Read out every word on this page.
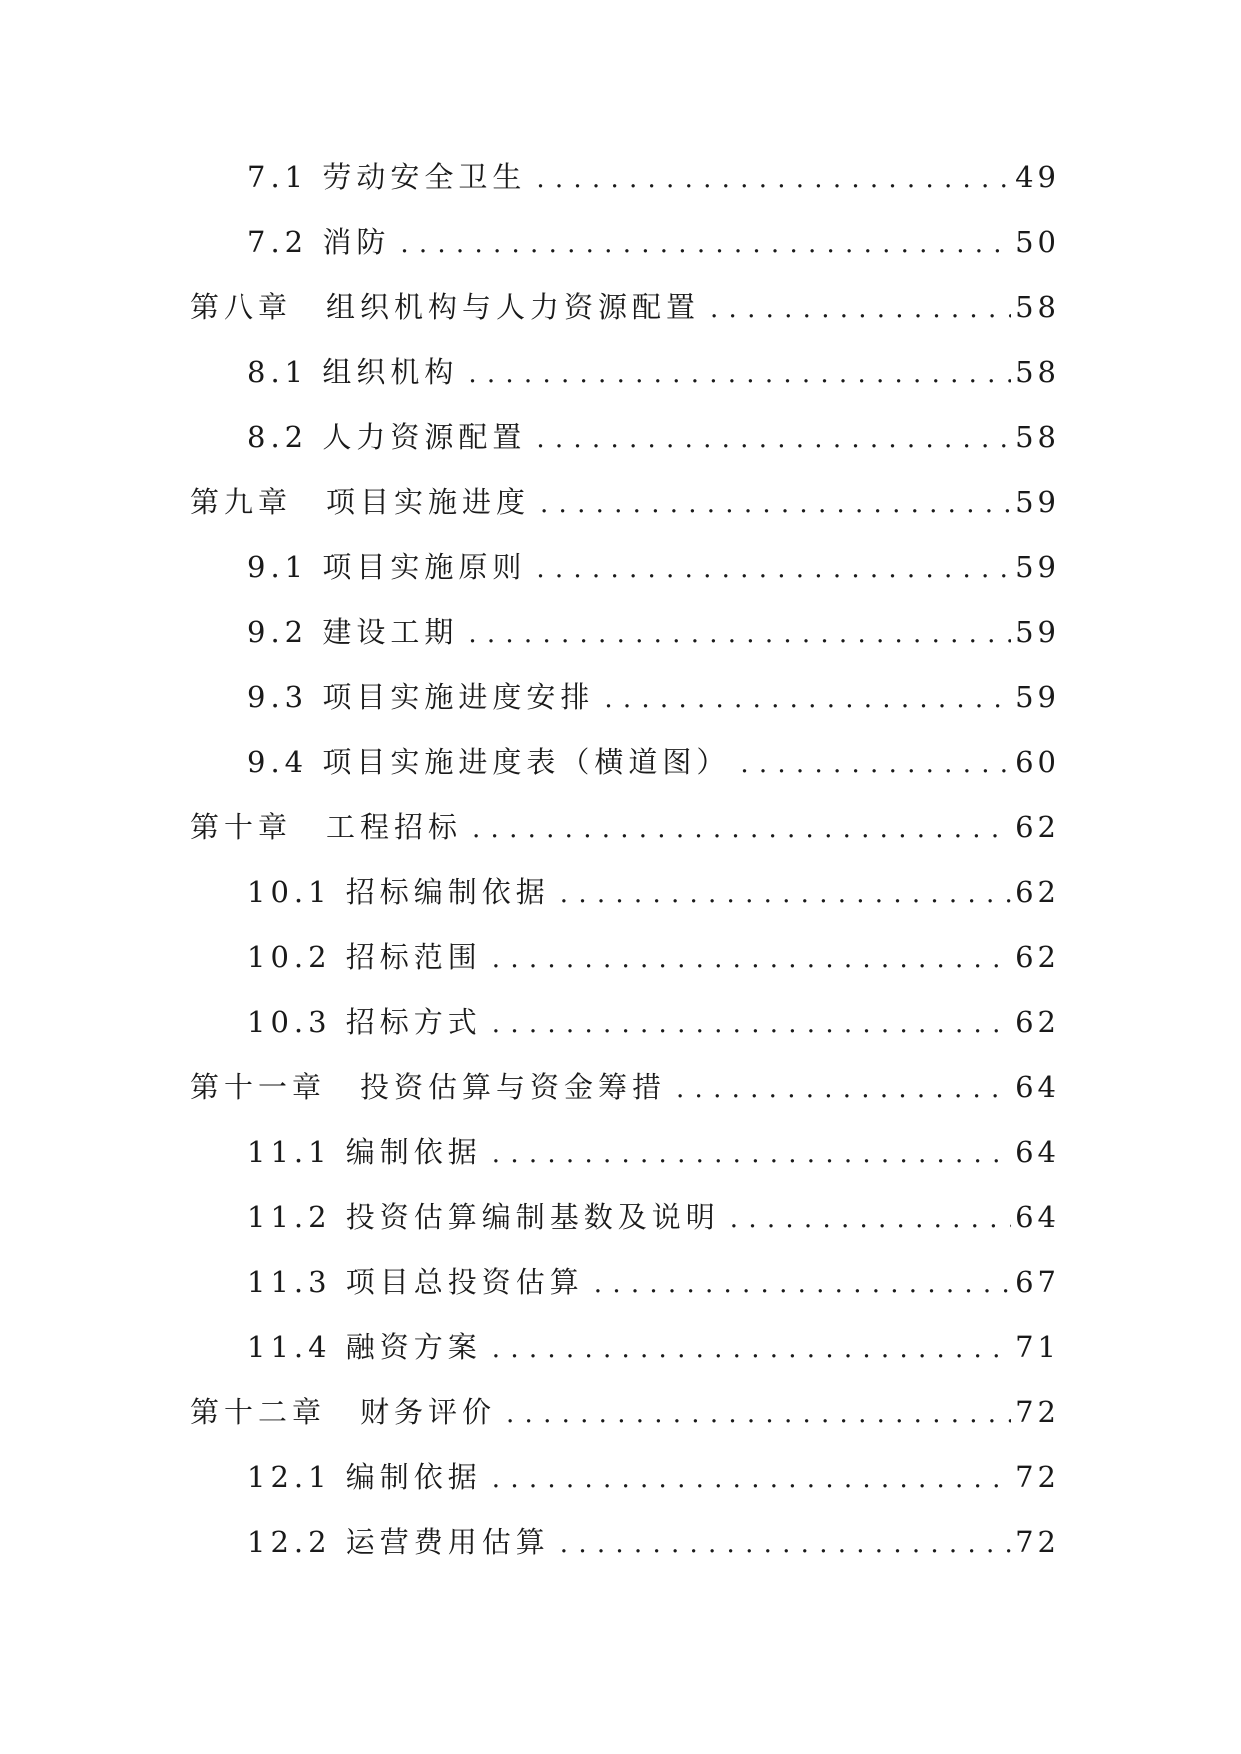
7.1 劳动安全卫生 . . .	49
7.2 消防 . . .	50
第八章　组织机构与人力资源配置 . . .	58
8.1 组织机构 . . .	58
8.2 人力资源配置 . . .	58
第九章　项目实施进度 . . .	59
9.1 项目实施原则 . . .	59
9.2 建设工期 . . .	59
9.3 项目实施进度安排 . . .	59
9.4 项目实施进度表（横道图） . . .	60
第十章　工程招标 . . .	62
10.1 招标编制依据 . . .	62
10.2 招标范围 . . .	62
10.3 招标方式 . . .	62
第十一章　投资估算与资金筹措 . . .	64
11.1 编制依据 . . .	64
11.2 投资估算编制基数及说明 . . .	64
11.3 项目总投资估算 . . .	67
11.4 融资方案 . . .	71
第十二章　财务评价 . . .	72
12.1 编制依据 . . .	72
12.2 运营费用估算 . . .	72
